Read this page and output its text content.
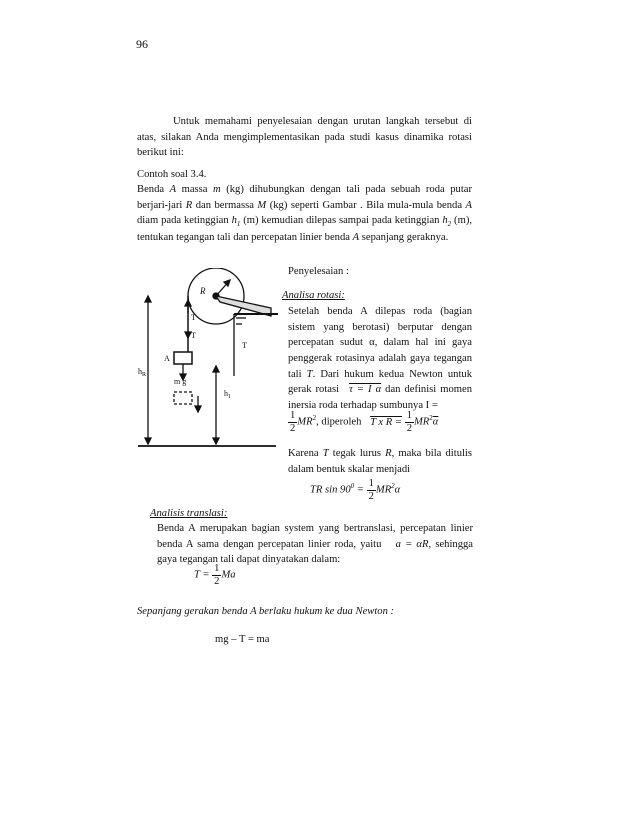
96
Untuk memahami penyelesaian dengan urutan langkah tersebut di atas, silakan Anda mengimplementasikan pada studi kasus dinamika rotasi berikut ini:
Contoh soal 3.4.
Benda A massa m (kg) dihubungkan dengan tali pada sebuah roda putar berjari-jari R dan bermassa M (kg) seperti Gambar . Bila mula-mula benda A diam pada ketinggian $h_1$ (m) kemudian dilepas sampai pada ketinggian $h_2$ (m), tentukan tegangan tali dan percepatan linier benda A sepanjang geraknya.
R
T
T
T
A
m g
$h_R$
$h_1$
Penyelesaian :
Analisa rotasi:
Setelah benda A dilepas roda (bagian sistem yang berotasi) berputar dengan percepatan sudut α, dalam hal ini gaya penggerak rotasinya adalah gaya tegangan tali T. Dari hukum kedua Newton untuk gerak rotasi τ = I α dan definisi momen inersia roda terhadap sumbunya I =
$\frac{1}{2} MR^2$, diperoleh T x $R = \frac{1}{2} MR^2\overline{\alpha}$
Karena T tegak lurus R, maka bila ditulis dalam bentuk skalar menjadi
TR $\sin 90^0 = \frac{1}{2} MR^2\alpha$
Analisis translasi:
Benda A merupakan bagian system yang bertranslasi, percepatan linier benda A sama dengan percepatan linier roda, yaitu a = αR, sehingga gaya tegangan tali dapat dinyatakan dalam:
$T = \frac{1}{2}$ Ma
Sepanjang gerakan benda A berlaku hukum ke dua Newton :
mg – T = ma
